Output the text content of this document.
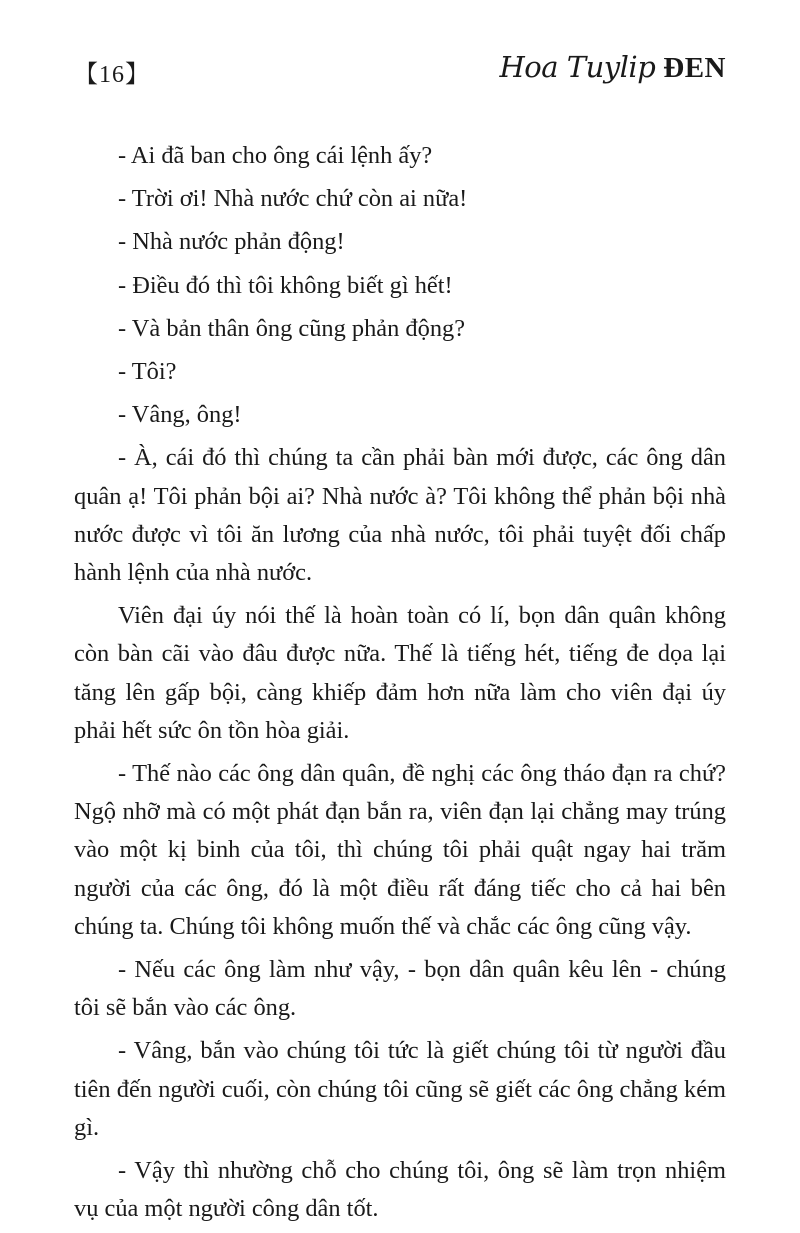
【16】	Hoa Tuylip ĐEN

- Ai đã ban cho ông cái lệnh ấy?

- Trời ơi! Nhà nước chứ còn ai nữa!

- Nhà nước phản động!

- Điều đó thì tôi không biết gì hết!

- Và bản thân ông cũng phản động?

- Tôi?

- Vâng, ông!

- À, cái đó thì chúng ta cần phải bàn mới được, các ông dân quân ạ! Tôi phản bội ai? Nhà nước à? Tôi không thể phản bội nhà nước được vì tôi ăn lương của nhà nước, tôi phải tuyệt đối chấp hành lệnh của nhà nước.

Viên đại úy nói thế là hoàn toàn có lí, bọn dân quân không còn bàn cãi vào đâu được nữa. Thế là tiếng hét, tiếng đe dọa lại tăng lên gấp bội, càng khiếp đảm hơn nữa làm cho viên đại úy phải hết sức ôn tồn hòa giải.

- Thế nào các ông dân quân, đề nghị các ông tháo đạn ra chứ? Ngộ nhỡ mà có một phát đạn bắn ra, viên đạn lại chẳng may trúng vào một kị binh của tôi, thì chúng tôi phải quật ngay hai trăm người của các ông, đó là một điều rất đáng tiếc cho cả hai bên chúng ta. Chúng tôi không muốn thế và chắc các ông cũng vậy.

- Nếu các ông làm như vậy, - bọn dân quân kêu lên - chúng tôi sẽ bắn vào các ông.

- Vâng, bắn vào chúng tôi tức là giết chúng tôi từ người đầu tiên đến người cuối, còn chúng tôi cũng sẽ giết các ông chẳng kém gì.

- Vậy thì nhường chỗ cho chúng tôi, ông sẽ làm trọn nhiệm vụ của một người công dân tốt.
